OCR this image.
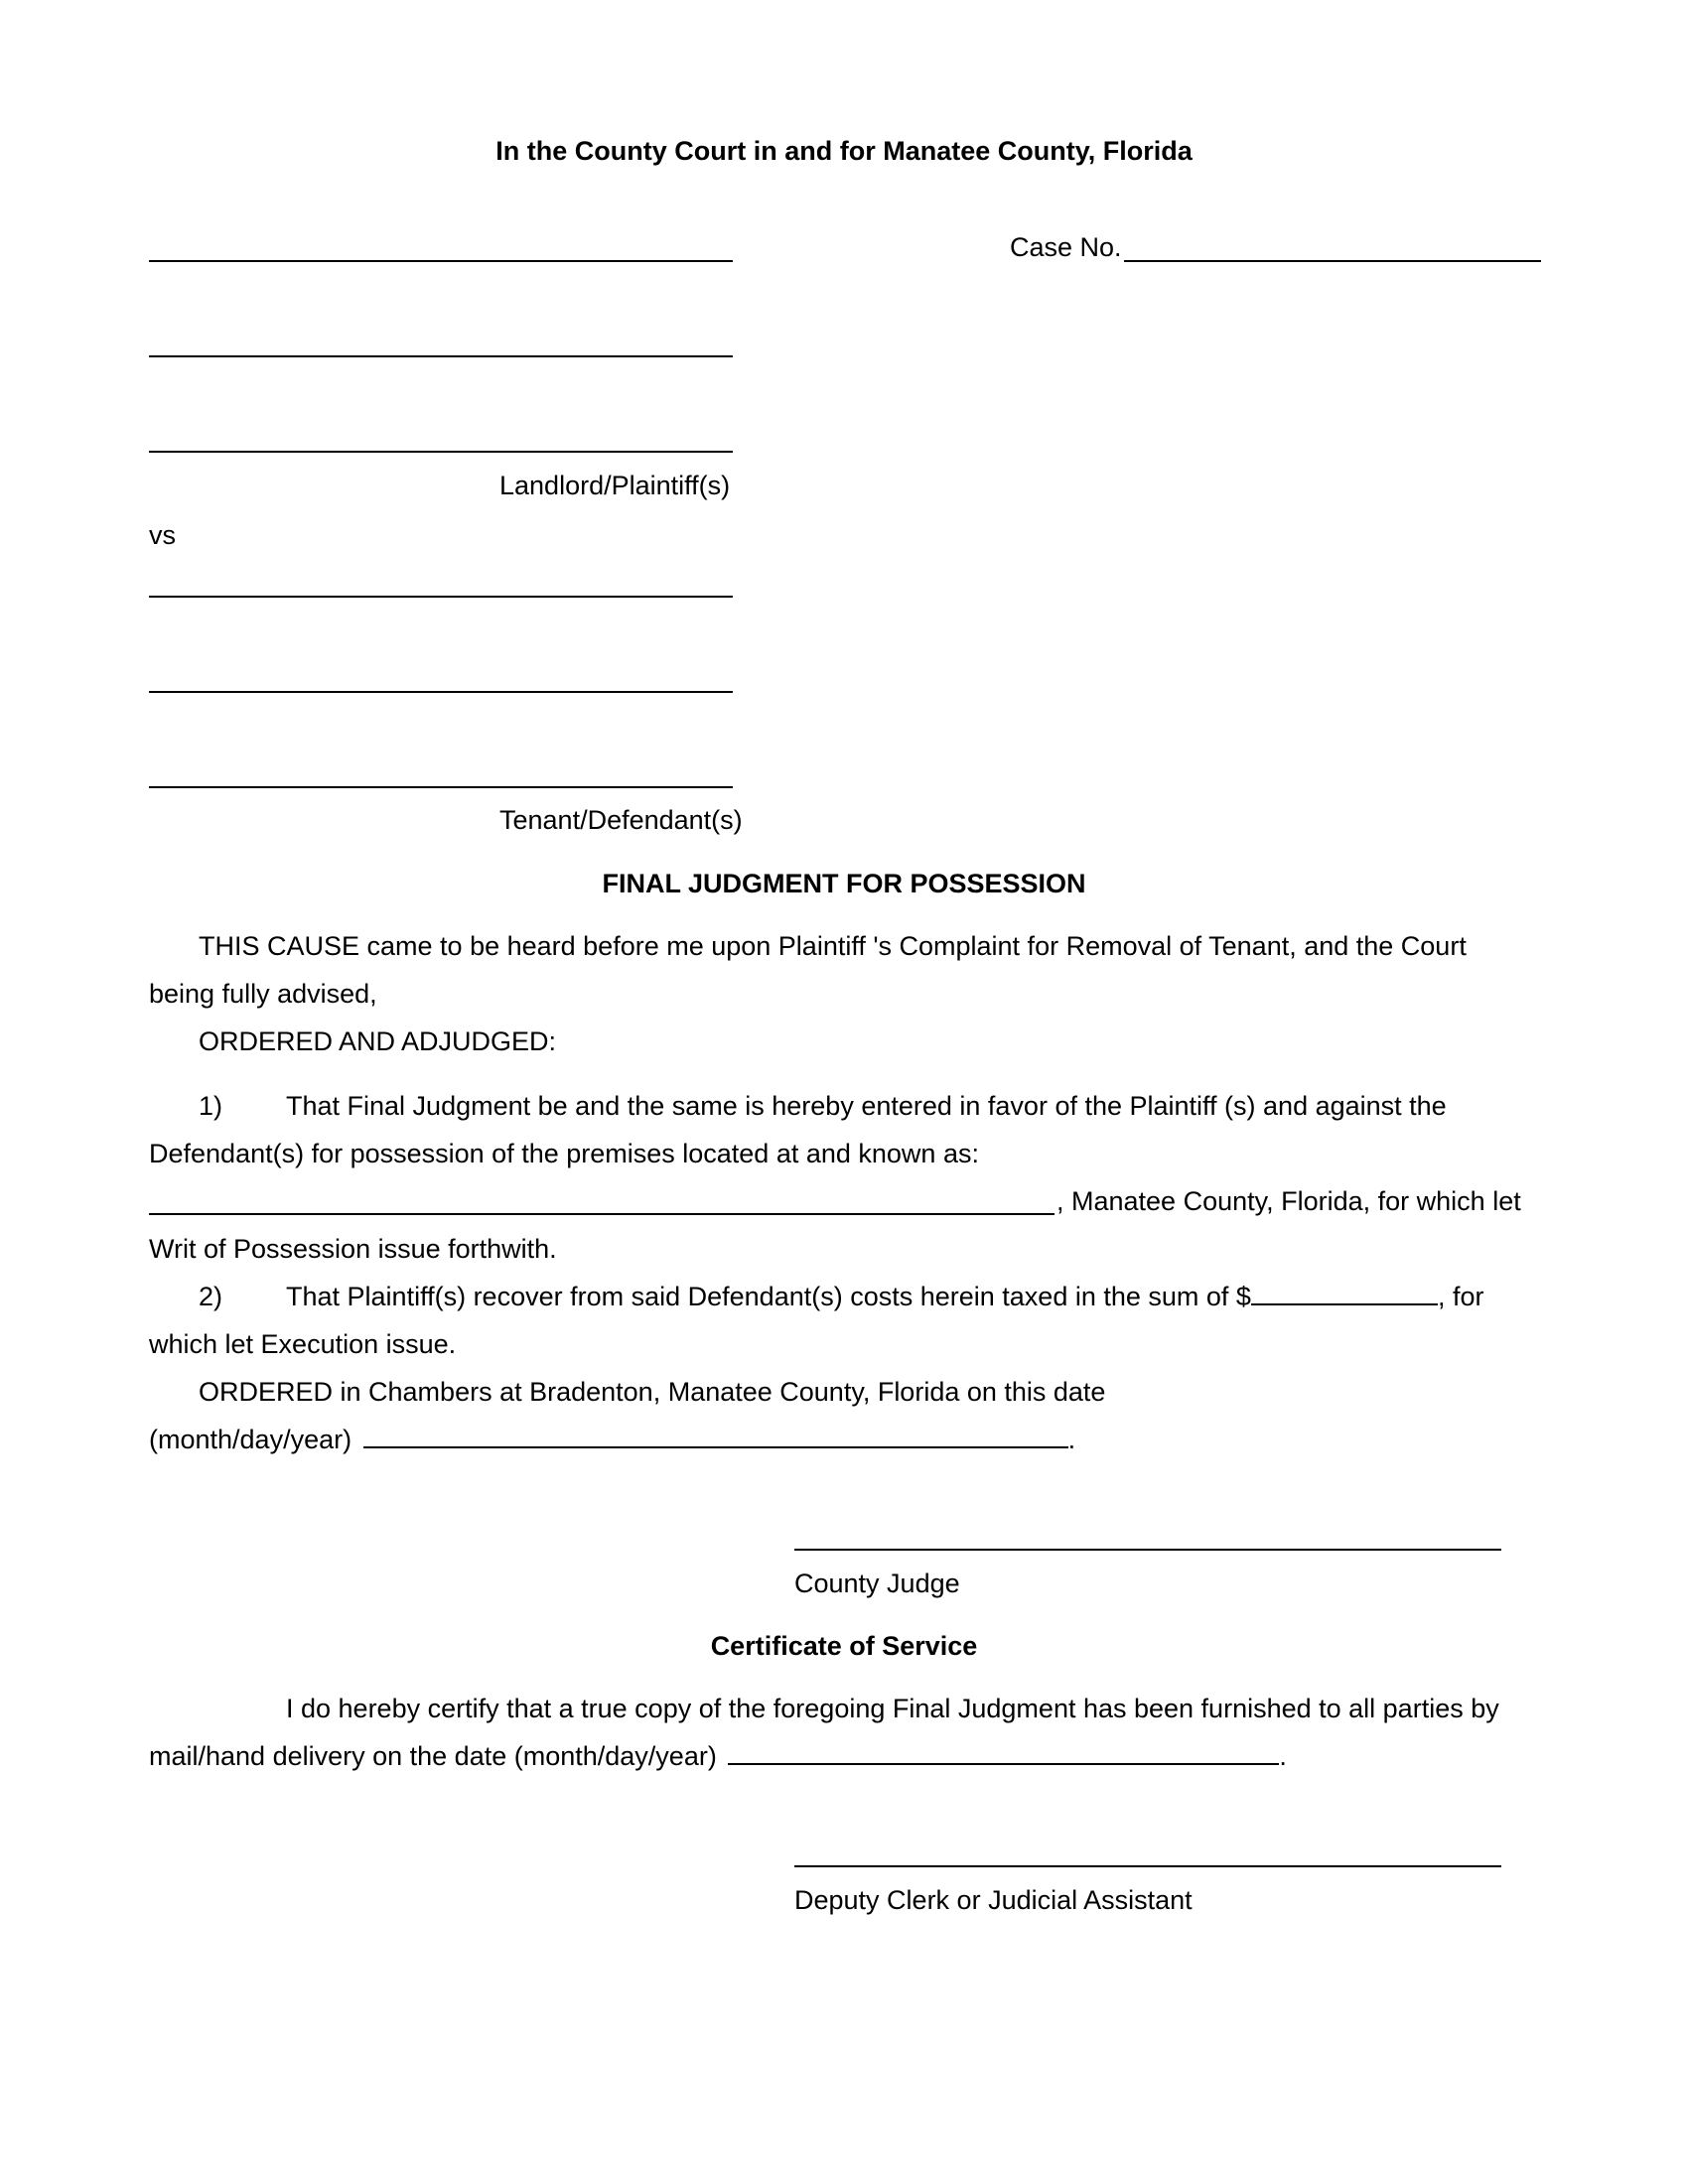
In the County Court in and for Manatee County, Florida
Case No.
Landlord/Plaintiff(s)
vs
Tenant/Defendant(s)
FINAL JUDGMENT FOR POSSESSION
THIS CAUSE came to be heard before me upon Plaintiff 's Complaint for Removal of Tenant, and the Court
being fully advised,
ORDERED AND ADJUDGED:
1) That Final Judgment be and the same is hereby entered in favor of the Plaintiff (s) and against the
Defendant(s) for possession of the premises located at and known as:
, Manatee County, Florida, for which let
Writ of Possession issue forthwith.
2) That Plaintiff(s) recover from said Defendant(s) costs herein taxed in the sum of $	, for
which let Execution issue.
ORDERED in Chambers at Bradenton, Manatee County, Florida on this date
(month/day/year)	.
County Judge
Certificate of Service
I do hereby certify that a true copy of the foregoing Final Judgment has been furnished to all parties by
mail/hand delivery on the date (month/day/year)	.
Deputy Clerk or Judicial Assistant
